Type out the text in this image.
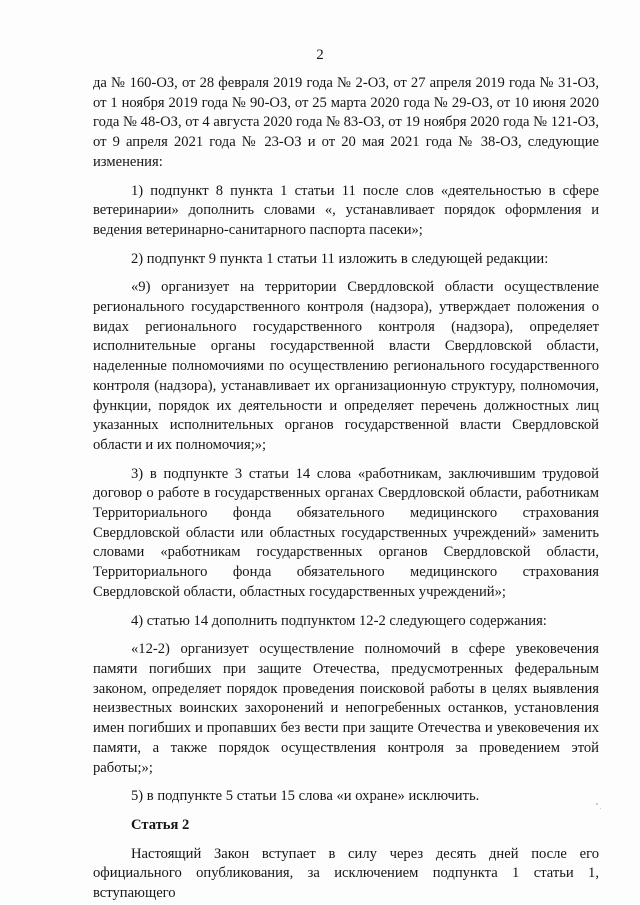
2

да № 160-ОЗ, от 28 февраля 2019 года № 2-ОЗ, от 27 апреля 2019 года № 31-ОЗ, от 1 ноября 2019 года № 90-ОЗ, от 25 марта 2020 года № 29-ОЗ, от 10 июня 2020 года № 48-ОЗ, от 4 августа 2020 года № 83-ОЗ, от 19 ноября 2020 года № 121-ОЗ, от 9 апреля 2021 года № 23-ОЗ и от 20 мая 2021 года № 38-ОЗ, следующие изменения:

1) подпункт 8 пункта 1 статьи 11 после слов «деятельностью в сфере ветеринарии» дополнить словами «, устанавливает порядок оформления и ведения ветеринарно-санитарного паспорта пасеки»;

2) подпункт 9 пункта 1 статьи 11 изложить в следующей редакции:

«9) организует на территории Свердловской области осуществление регионального государственного контроля (надзора), утверждает положения о видах регионального государственного контроля (надзора), определяет исполнительные органы государственной власти Свердловской области, наделенные полномочиями по осуществлению регионального государственного контроля (надзора), устанавливает их организационную структуру, полномочия, функции, порядок их деятельности и определяет перечень должностных лиц указанных исполнительных органов государственной власти Свердловской области и их полномочия;»;

3) в подпункте 3 статьи 14 слова «работникам, заключившим трудовой договор о работе в государственных органах Свердловской области, работникам Территориального фонда обязательного медицинского страхования Свердловской области или областных государственных учреждений» заменить словами «работникам государственных органов Свердловской области, Территориального фонда обязательного медицинского страхования Свердловской области, областных государственных учреждений»;

4) статью 14 дополнить подпунктом 12-2 следующего содержания:

«12-2) организует осуществление полномочий в сфере увековечения памяти погибших при защите Отечества, предусмотренных федеральным законом, определяет порядок проведения поисковой работы в целях выявления неизвестных воинских захоронений и непогребенных останков, установления имен погибших и пропавших без вести при защите Отечества и увековечения их памяти, а также порядок осуществления контроля за проведением этой работы;»;

5) в подпункте 5 статьи 15 слова «и охране» исключить.

Статья 2

Настоящий Закон вступает в силу через десять дней после его официального опубликования, за исключением подпункта 1 статьи 1, вступающего
